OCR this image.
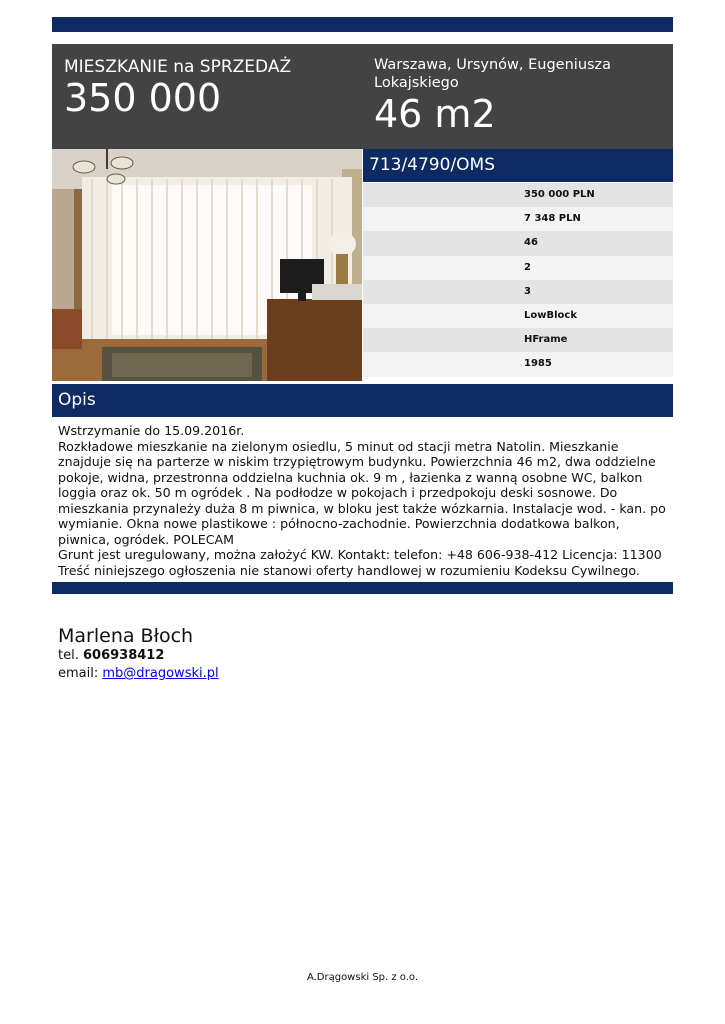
MIESZKANIE na SPRZEDAŻ
350 000
Warszawa, Ursynów, Eugeniusza Lokajskiego
46 m2
713/4790/OMS
350 000 PLN
7 348 PLN
46
2
3
LowBlock
HFrame
1985
Opis

Wstrzymanie do 15.09.2016r.

Rozkładowe mieszkanie na zielonym osiedlu, 5 minut od stacji metra Natolin. Mieszkanie znajduje się na parterze w niskim trzypiętrowym budynku. Powierzchnia 46 m2, dwa oddzielne pokoje, widna, przestronna oddzielna kuchnia ok. 9 m , łazienka z wanną osobne WC, balkon loggia oraz ok. 50 m ogródek . Na podłodze w pokojach i przedpokoju deski sosnowe. Do mieszkania przynależy duża 8 m piwnica, w bloku jest także wózkarnia. Instalacje wod. - kan. po wymianie. Okna nowe plastikowe : północno-zachodnie. Powierzchnia dodatkowa balkon, piwnica, ogródek. POLECAM

Grunt jest uregulowany, można założyć KW. Kontakt: telefon: +48 606-938-412 Licencja: 11300

Treść niniejszego ogłoszenia nie stanowi oferty handlowej w rozumieniu Kodeksu Cywilnego.

Marlena Błoch
tel. 606938412
email: mb@dragowski.pl
A.Drągowski Sp. z o.o.
